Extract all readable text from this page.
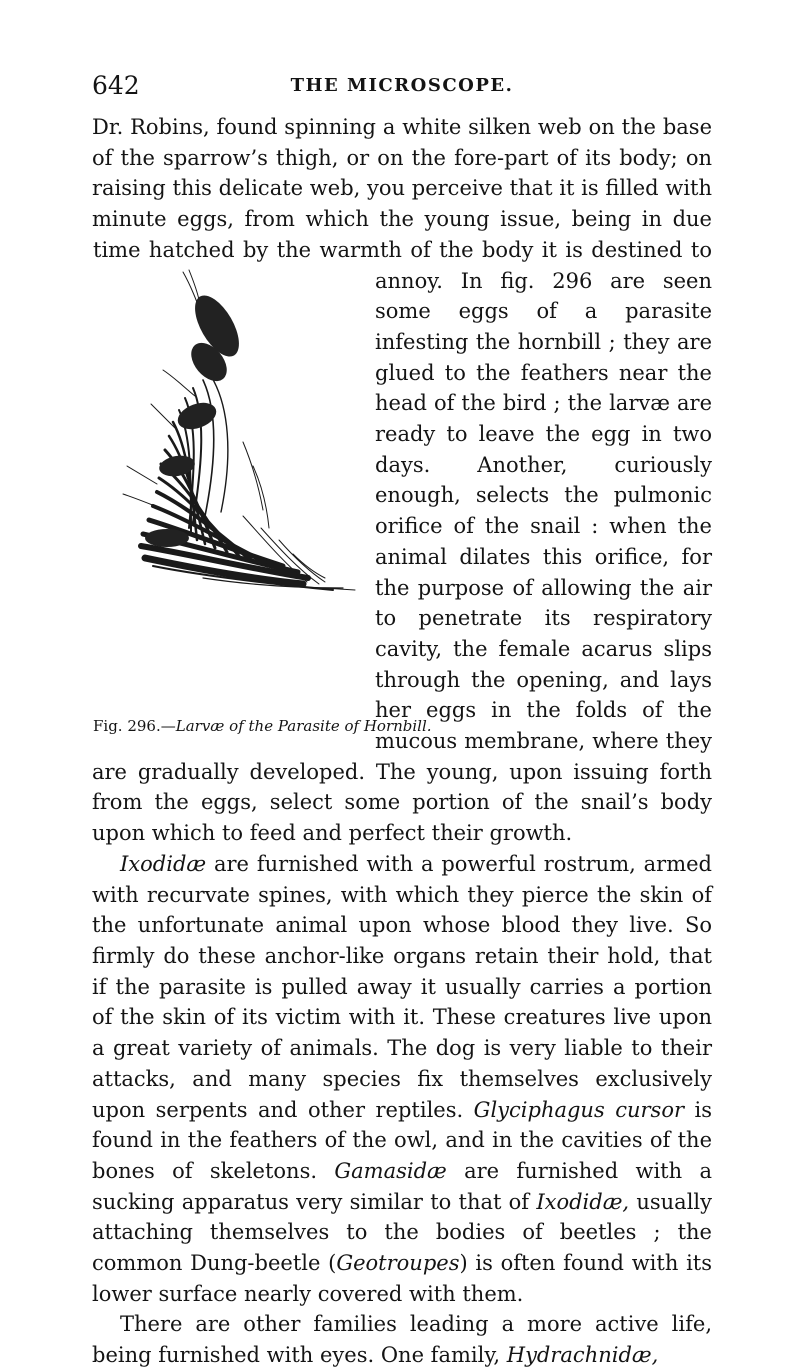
642	THE MICROSCOPE.

Dr. Robins, found spinning a white silken web on the base of the sparrow’s thigh, or on the fore-part of its body; on raising this delicate web, you perceive that it is filled with minute eggs, from which the young issue, being in due time hatched by the warmth of the body it is destined to
Fig. 296.—Larvæ of the Parasite of Hornbill.
annoy. In fig. 296 are seen some eggs of a parasite infesting the hornbill ; they are glued to the feathers near the head of the bird ; the larvæ are ready to leave the egg in two days. Another, curiously enough, selects the pulmonic orifice of the snail : when the animal dilates this orifice, for the purpose of allowing the air to penetrate its respiratory cavity, the female acarus slips through the opening, and lays her eggs in the folds of the mucous membrane, where they are gradually developed. The young, upon issuing forth from the eggs, select some portion of the snail’s body upon which to feed and perfect their growth.

Ixodidæ are furnished with a powerful rostrum, armed with recurvate spines, with which they pierce the skin of the unfortunate animal upon whose blood they live. So firmly do these anchor-like organs retain their hold, that if the parasite is pulled away it usually carries a portion of the skin of its victim with it. These creatures live upon a great variety of animals. The dog is very liable to their attacks, and many species fix themselves exclusively upon serpents and other reptiles. Glyciphagus cursor is found in the feathers of the owl, and in the cavities of the bones of skeletons. Gamasidæ are furnished with a sucking apparatus very similar to that of Ixodidæ, usually attaching themselves to the bodies of beetles ; the common Dung-beetle (Geotroupes) is often found with its lower surface nearly covered with them.

There are other families leading a more active life, being furnished with eyes. One family, Hydrachnidæ,
